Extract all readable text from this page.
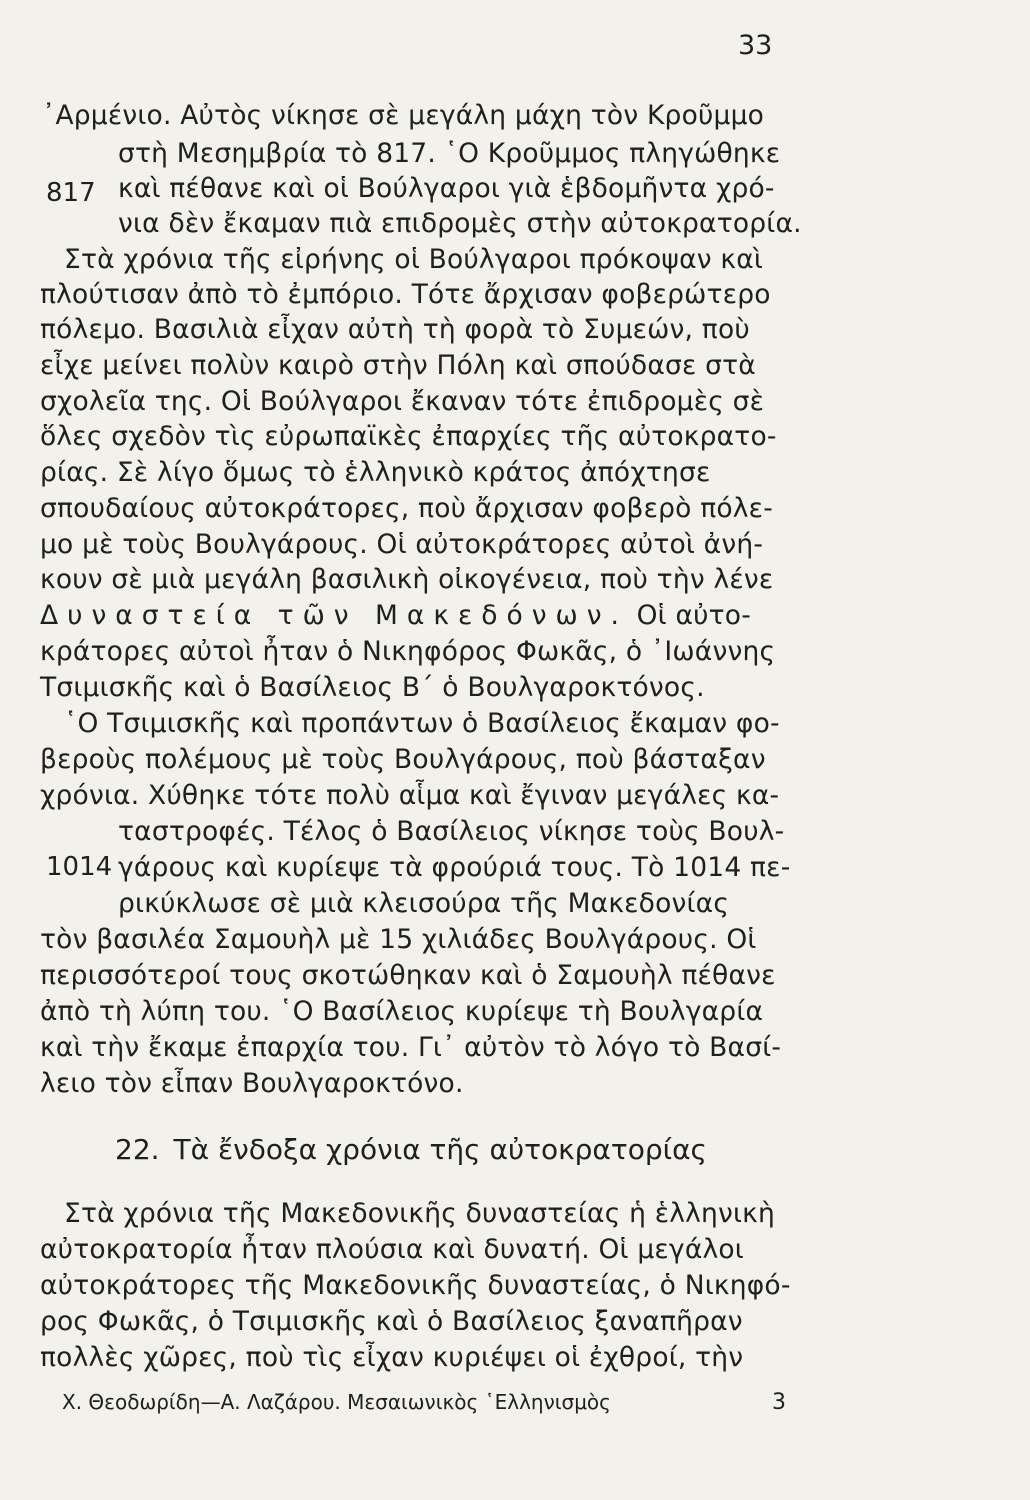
33
817
1014
᾿Αρμένιο. Αὐτὸς νίκησε σὲ μεγάλη μάχη τὸν Κροῦμμο
στὴ Μεσημβρία τὸ 817. ῾Ο Κροῦμμος πληγώθηκε
καὶ πέθανε καὶ οἱ Βούλγαροι γιὰ ἑβδομῆντα χρό-
νια δὲν ἔκαμαν πιὰ επιδρομὲς στὴν αὐτοκρατορία.
Στὰ χρόνια τῆς εἰρήνης οἱ Βούλγαροι πρόκοψαν καὶ
πλούτισαν ἀπὸ τὸ ἐμπόριο. Τότε ἄρχισαν φοβερώτερο
πόλεμο. Βασιλιὰ εἶχαν αὐτὴ τὴ φορὰ τὸ Συμεών, ποὺ
εἶχε μείνει πολὺν καιρὸ στὴν Πόλη καὶ σπούδασε στὰ
σχολεῖα της. Οἱ Βούλγαροι ἔκαναν τότε ἐπιδρομὲς σὲ
ὅλες σχεδὸν τὶς εὐρωπαϊκὲς ἐπαρχίες τῆς αὐτοκρατο-
ρίας. Σὲ λίγο ὅμως τὸ ἑλληνικὸ κράτος ἀπόχτησε
σπουδαίους αὐτοκράτορες, ποὺ ἄρχισαν φοβερὸ πόλε-
μο μὲ τοὺς Βουλγάρους. Οἱ αὐτοκράτορες αὐτοὶ ἀνή-
κουν σὲ μιὰ μεγάλη βασιλικὴ οἰκογένεια, ποὺ τὴν λένε
Δυναστεία τῶν Μακεδόνων. Οἱ αὐτο-
κράτορες αὐτοὶ ἦταν ὁ Νικηφόρος Φωκᾶς, ὁ ᾿Ιωάννης
Τσιμισκῆς καὶ ὁ Βασίλειος Β΄ ὁ Βουλγαροκτόνος.
῾Ο Τσιμισκῆς καὶ προπάντων ὁ Βασίλειος ἔκαμαν φο-
βεροὺς πολέμους μὲ τοὺς Βουλγάρους, ποὺ βάσταξαν
χρόνια. Χύθηκε τότε πολὺ αἷμα καὶ ἔγιναν μεγάλες κα-
ταστροφές. Τέλος ὁ Βασίλειος νίκησε τοὺς Βουλ-
γάρους καὶ κυρίεψε τὰ φρούριά τους. Τὸ 1014 πε-
ρικύκλωσε σὲ μιὰ κλεισούρα τῆς Μακεδονίας
τὸν βασιλέα Σαμουὴλ μὲ 15 χιλιάδες Βουλγάρους. Οἱ
περισσότεροί τους σκοτώθηκαν καὶ ὁ Σαμουὴλ πέθανε
ἀπὸ τὴ λύπη του. ῾Ο Βασίλειος κυρίεψε τὴ Βουλγαρία
καὶ τὴν ἔκαμε ἐπαρχία του. Γι᾿ αὐτὸν τὸ λόγο τὸ Βασί-
λειο τὸν εἶπαν Βουλγαροκτόνο.
22. Τὰ ἔνδοξα χρόνια τῆς αὐτοκρατορίας
Στὰ χρόνια τῆς Μακεδονικῆς δυναστείας ἡ ἑλληνικὴ
αὐτοκρατορία ἦταν πλούσια καὶ δυνατή. Οἱ μεγάλοι
αὐτοκράτορες τῆς Μακεδονικῆς δυναστείας, ὁ Νικηφό-
ρος Φωκᾶς, ὁ Τσιμισκῆς καὶ ὁ Βασίλειος ξαναπῆραν
πολλὲς χῶρες, ποὺ τὶς εἶχαν κυριέψει οἱ ἐχθροί, τὴν
Χ. Θεοδωρίδη—Α. Λαζάρου. Μεσαιωνικὸς ῾Ελληνισμὸς	3
